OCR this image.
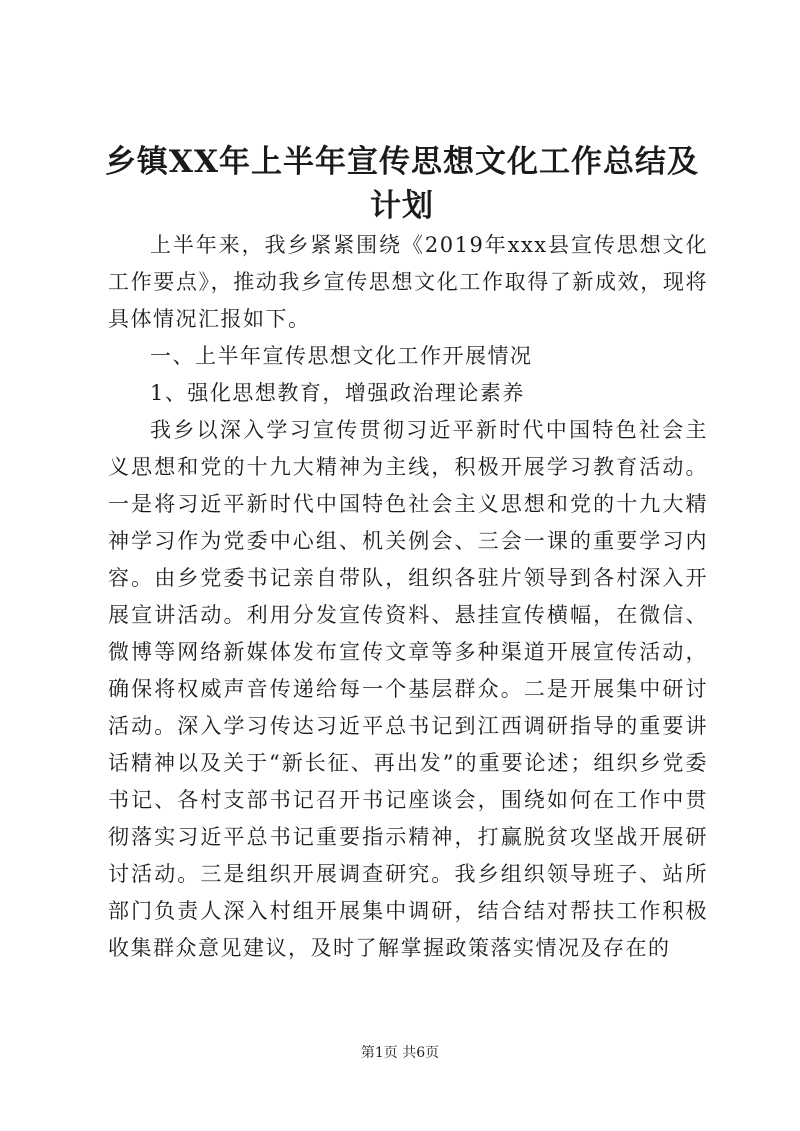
乡镇XX年上半年宣传思想文化工作总结及计划

上半年来，我乡紧紧围绕《2019年xxx县宣传思想文化工作要点》，推动我乡宣传思想文化工作取得了新成效，现将具体情况汇报如下。

一、上半年宣传思想文化工作开展情况

1、强化思想教育，增强政治理论素养

我乡以深入学习宣传贯彻习近平新时代中国特色社会主义思想和党的十九大精神为主线，积极开展学习教育活动。一是将习近平新时代中国特色社会主义思想和党的十九大精神学习作为党委中心组、机关例会、三会一课的重要学习内容。由乡党委书记亲自带队，组织各驻片领导到各村深入开展宣讲活动。利用分发宣传资料、悬挂宣传横幅，在微信、微博等网络新媒体发布宣传文章等多种渠道开展宣传活动，确保将权威声音传递给每一个基层群众。二是开展集中研讨活动。深入学习传达习近平总书记到江西调研指导的重要讲话精神以及关于“新长征、再出发”的重要论述；组织乡党委书记、各村支部书记召开书记座谈会，围绕如何在工作中贯彻落实习近平总书记重要指示精神，打赢脱贫攻坚战开展研讨活动。三是组织开展调查研究。我乡组织领导班子、站所部门负责人深入村组开展集中调研，结合结对帮扶工作积极收集群众意见建议，及时了解掌握政策落实情况及存在的

第1页 共6页
